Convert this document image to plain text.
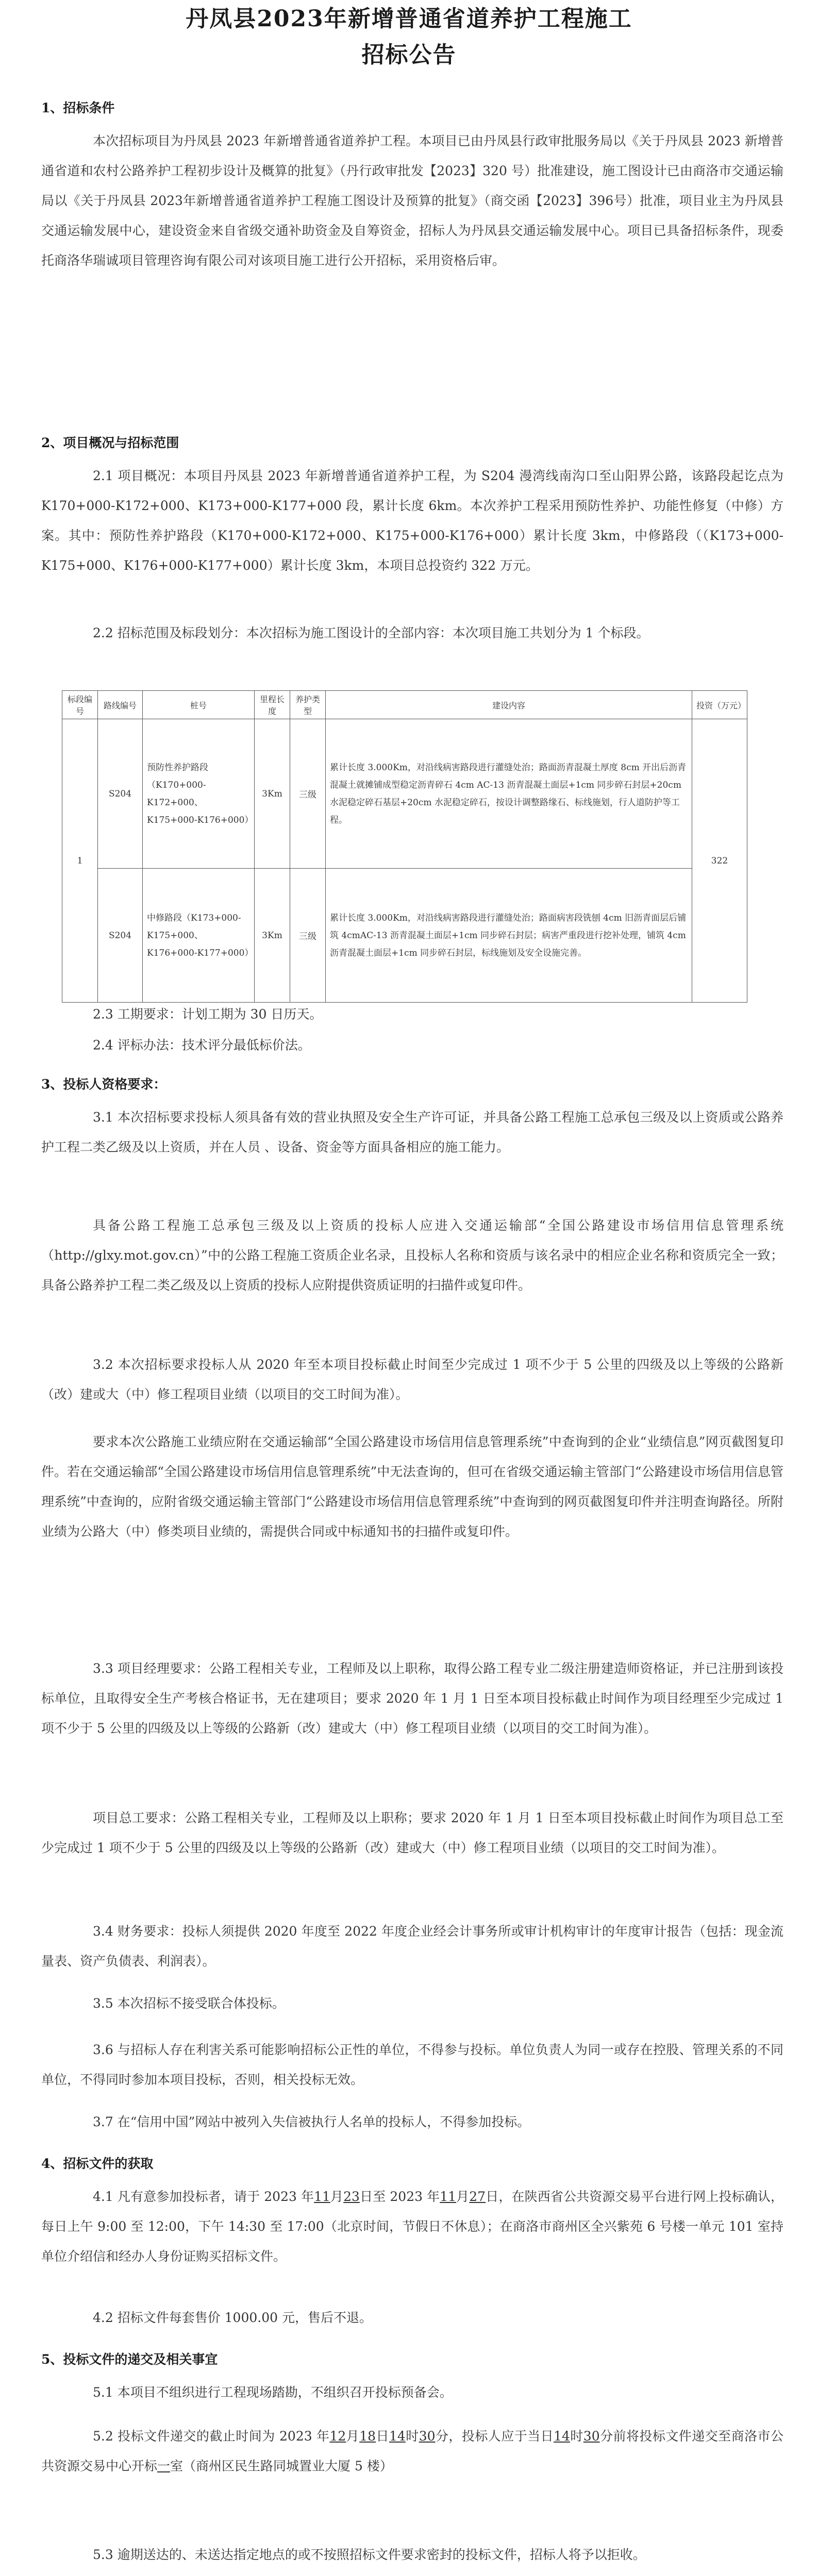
丹凤县2023年新增普通省道养护工程施工
招标公告
1、招标条件

本次招标项目为丹凤县 2023 年新增普通省道养护工程。本项目已由丹凤县行政审批服务局以《关于丹凤县 2023 新增普通省道和农村公路养护工程初步设计及概算的批复》（丹行政审批发【2023】320 号）批准建设，施工图设计已由商洛市交通运输局以《关于丹凤县 2023年新增普通省道养护工程施工图设计及预算的批复》（商交函【2023】396号）批准，项目业主为丹凤县交通运输发展中心，建设资金来自省级交通补助资金及自筹资金，招标人为丹凤县交通运输发展中心。项目已具备招标条件，现委托商洛华瑞诚项目管理咨询有限公司对该项目施工进行公开招标，采用资格后审。

2、项目概况与招标范围

2.1 项目概况：本项目丹凤县 2023 年新增普通省道养护工程，为 S204 漫湾线南沟口至山阳界公路，该路段起讫点为 K170+000-K172+000、K173+000-K177+000 段，累计长度 6km。本次养护工程采用预防性养护、功能性修复（中修）方案。其中：预防性养护路段（K170+000-K172+000、K175+000-K176+000）累计长度 3km，中修路段（（K173+000-K175+000、K176+000-K177+000）累计长度 3km，本项目总投资约 322 万元。

2.2 招标范围及标段划分：本次招标为施工图设计的全部内容：本次项目施工共划分为 1 个标段。

标段编号	路线编号	桩号	里程长度	养护类型	建设内容	投资（万元）
1	S204	预防性养护路段（K170+000-K172+000、K175+000-K176+000）	3Km	三级	累计长度 3.000Km，对沿线病害路段进行灌缝处治；路面沥青混凝土厚度 8cm 开出后沥青混凝土就摊铺成型稳定沥青碎石 4cm AC-13 沥青混凝土面层+1cm 同步碎石封层+20cm 水泥稳定碎石基层+20cm 水泥稳定碎石，按设计调整路缘石、标线施划，行人道防护等工程。	322
	S204	中修路段（K173+000-K175+000、K176+000-K177+000）	3Km	三级	累计长度 3.000Km，对沿线病害路段进行灌缝处治；路面病害段铣刨 4cm 旧沥青面层后铺筑 4cmAC-13 沥青混凝土面层+1cm 同步碎石封层；病害严重段进行挖补处理，铺筑 4cm 沥青混凝土面层+1cm 同步碎石封层，标线施划及安全设施完善。	

2.3 工期要求：计划工期为 30 日历天。

2.4 评标办法：技术评分最低标价法。

3、投标人资格要求：

3.1 本次招标要求投标人须具备有效的营业执照及安全生产许可证，并具备公路工程施工总承包三级及以上资质或公路养护工程二类乙级及以上资质，并在人员 、设备、资金等方面具备相应的施工能力。

具备公路工程施工总承包三级及以上资质的投标人应进入交通运输部“全国公路建设市场信用信息管理系统（http://glxy.mot.gov.cn）”中的公路工程施工资质企业名录，且投标人名称和资质与该名录中的相应企业名称和资质完全一致；具备公路养护工程二类乙级及以上资质的投标人应附提供资质证明的扫描件或复印件。

3.2 本次招标要求投标人从 2020 年至本项目投标截止时间至少完成过 1 项不少于 5 公里的四级及以上等级的公路新（改）建或大（中）修工程项目业绩（以项目的交工时间为准）。

要求本次公路施工业绩应附在交通运输部“全国公路建设市场信用信息管理系统”中查询到的企业“业绩信息”网页截图复印件。若在交通运输部“全国公路建设市场信用信息管理系统”中无法查询的，但可在省级交通运输主管部门“公路建设市场信用信息管理系统”中查询的，应附省级交通运输主管部门“公路建设市场信用信息管理系统”中查询到的网页截图复印件并注明查询路径。所附业绩为公路大（中）修类项目业绩的，需提供合同或中标通知书的扫描件或复印件。

3.3 项目经理要求：公路工程相关专业，工程师及以上职称，取得公路工程专业二级注册建造师资格证，并已注册到该投标单位，且取得安全生产考核合格证书，无在建项目；要求 2020 年 1 月 1 日至本项目投标截止时间作为项目经理至少完成过 1 项不少于 5 公里的四级及以上等级的公路新（改）建或大（中）修工程项目业绩（以项目的交工时间为准）。

项目总工要求：公路工程相关专业，工程师及以上职称；要求 2020 年 1 月 1 日至本项目投标截止时间作为项目总工至少完成过 1 项不少于 5 公里的四级及以上等级的公路新（改）建或大（中）修工程项目业绩（以项目的交工时间为准）。

3.4 财务要求：投标人须提供 2020 年度至 2022 年度企业经会计事务所或审计机构审计的年度审计报告（包括：现金流量表、资产负债表、利润表）。

3.5 本次招标不接受联合体投标。

3.6 与招标人存在利害关系可能影响招标公正性的单位，不得参与投标。单位负责人为同一或存在控股、管理关系的不同单位，不得同时参加本项目投标，否则，相关投标无效。

3.7 在“信用中国”网站中被列入失信被执行人名单的投标人，不得参加投标。

4、招标文件的获取

4.1 凡有意参加投标者，请于 2023 年11月23日至 2023 年11月27日，在陕西省公共资源交易平台进行网上投标确认，每日上午 9:00 至 12:00，下午 14:30 至 17:00（北京时间，节假日不休息）；在商洛市商州区全兴紫苑 6 号楼一单元 101 室持单位介绍信和经办人身份证购买招标文件。

4.2 招标文件每套售价 1000.00 元，售后不退。

5、投标文件的递交及相关事宜

5.1 本项目不组织进行工程现场踏勘，不组织召开投标预备会。

5.2 投标文件递交的截止时间为 2023 年12月18日14时30分，投标人应于当日14时30分前将投标文件递交至商洛市公共资源交易中心开标一室（商州区民生路同城置业大厦 5 楼）

5.3 逾期送达的、未送达指定地点的或不按照招标文件要求密封的投标文件，招标人将予以拒收。
